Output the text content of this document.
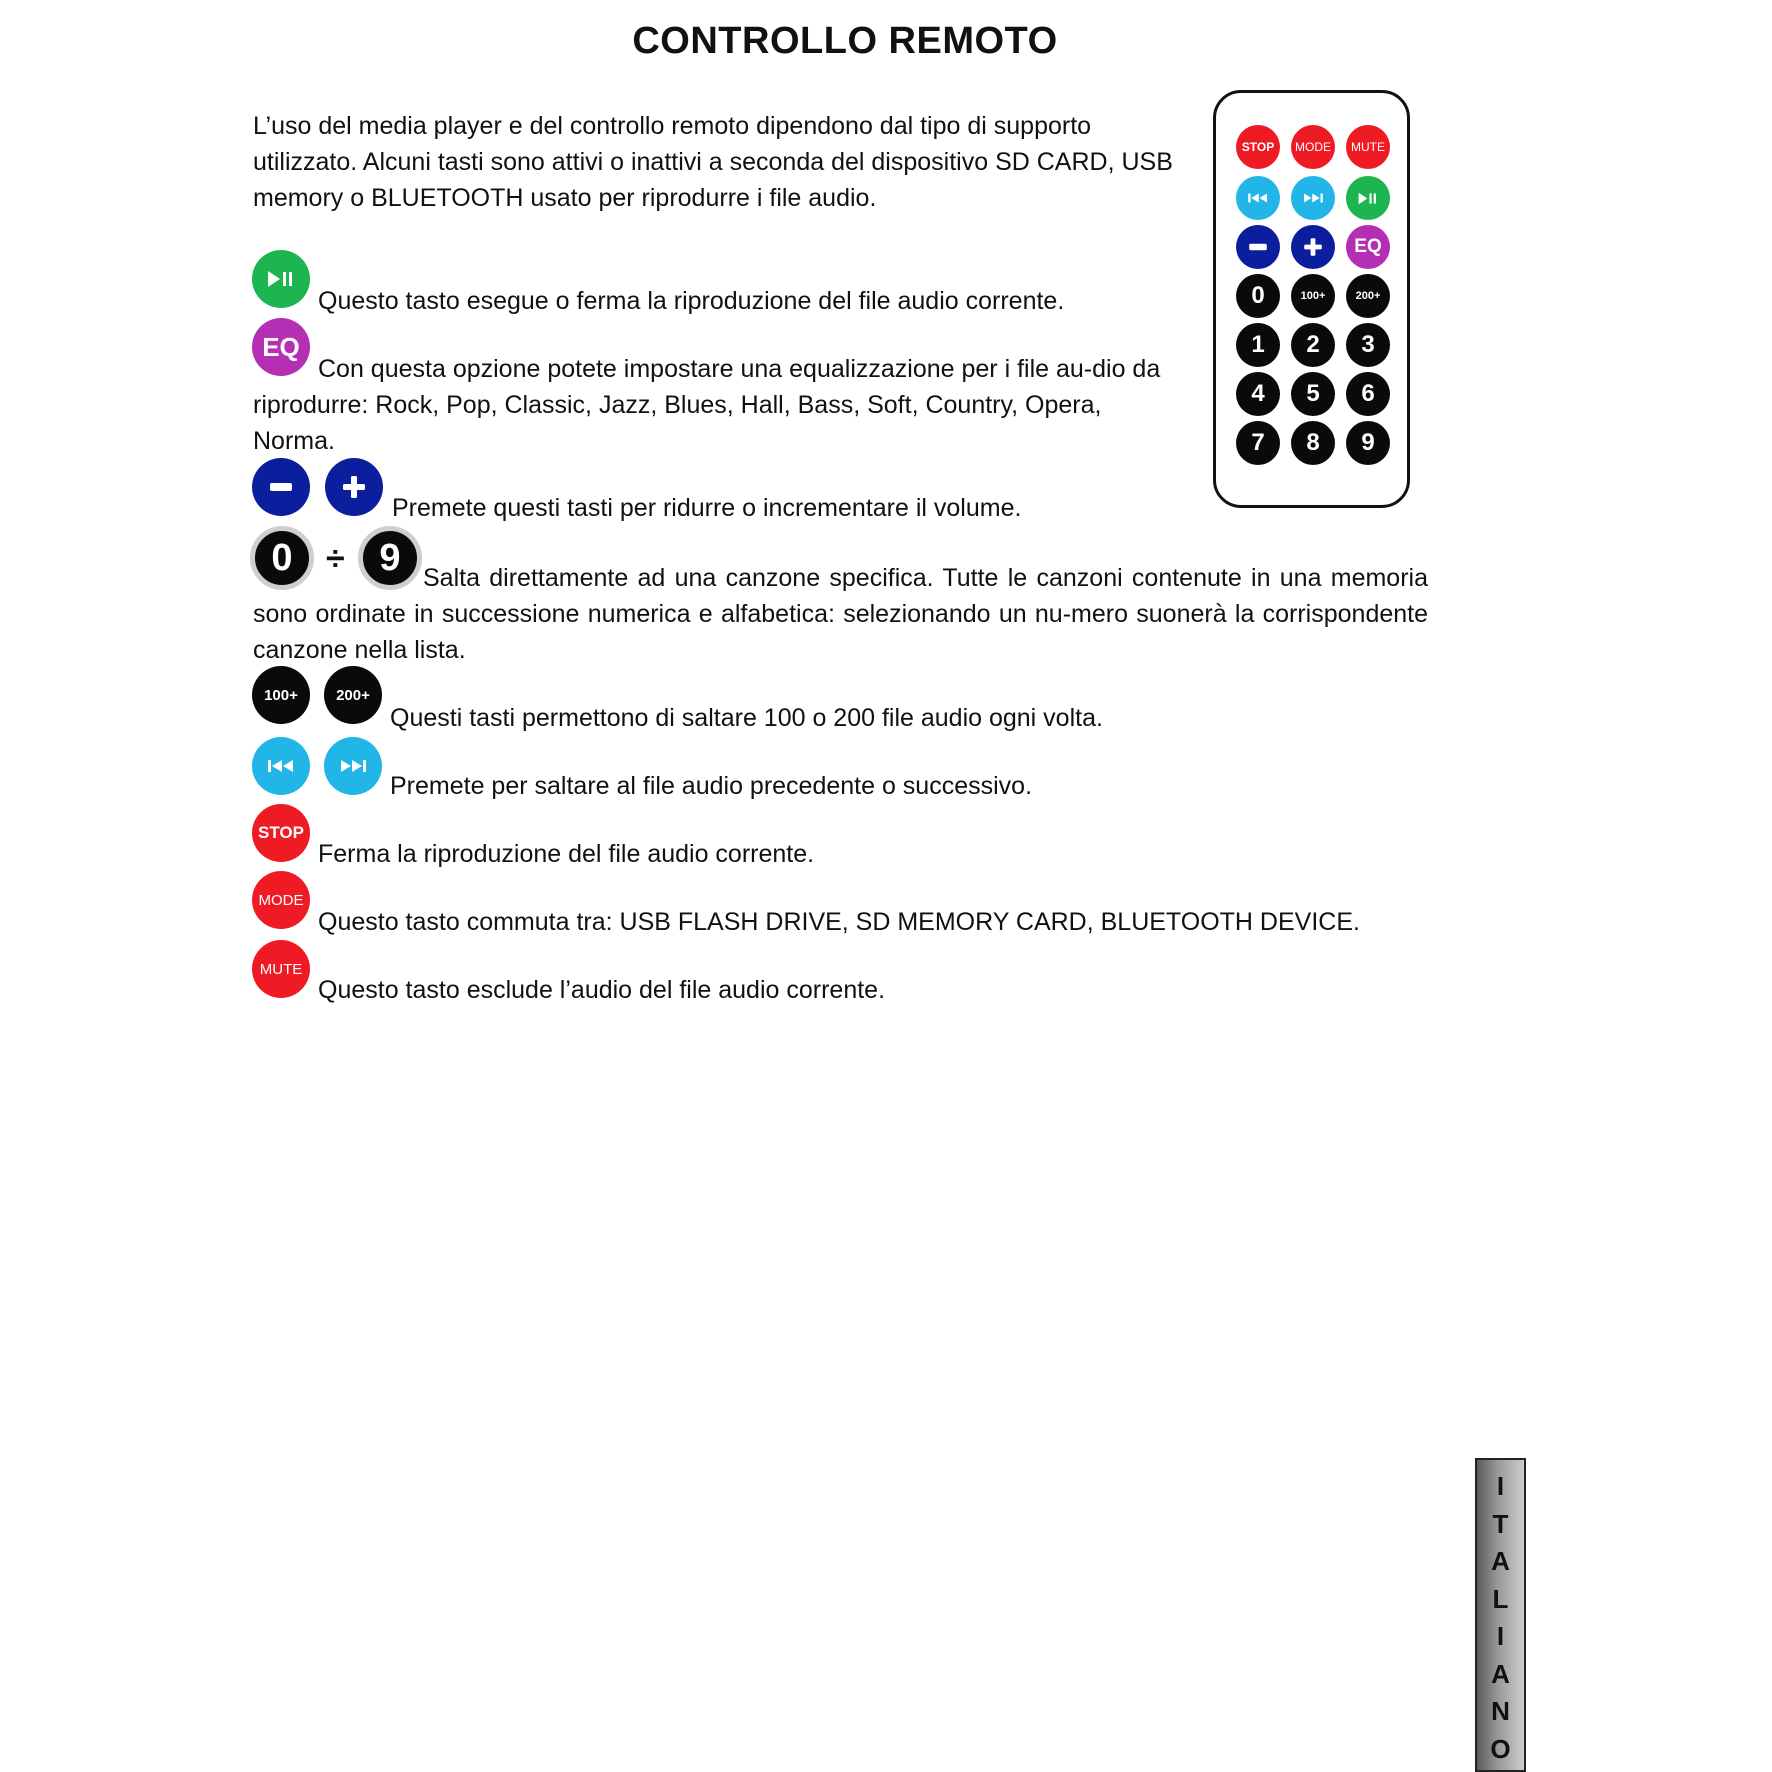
CONTROLLO REMOTO
L’uso del media player e del controllo remoto dipendono dal tipo di supporto utilizzato. Alcuni tasti sono attivi o inattivi a seconda del dispositivo SD CARD, USB memory o BLUETOOTH usato per riprodurre i file audio.
Questo tasto esegue o ferma la riproduzione del file audio corrente.
EQ
Con questa opzione potete impostare una equalizzazione per i file au-dio da riprodurre: Rock, Pop, Classic, Jazz, Blues, Hall, Bass, Soft, Country, Opera, Norma.
Premete questi tasti per ridurre o incrementare il volume.
0 ÷ 9 Salta direttamente ad una canzone specifica. Tutte le canzoni contenute in una memoria sono ordinate in successione numerica e alfabetica: selezionando un nu-mero suonerà la corrispondente canzone nella lista.
100+	200+
Questi tasti permettono di saltare 100 o 200 file audio ogni volta.
Premete per saltare al file audio precedente o successivo.
STOP
Ferma la riproduzione del file audio corrente.
MODE
Questo tasto commuta tra: USB FLASH DRIVE, SD MEMORY CARD, BLUETOOTH DEVICE.
MUTE
Questo tasto esclude l’audio del file audio corrente.
STOP	MODE	MUTE
EQ
0	100+	200+
1	2	3
4	5	6
7	8	9
I
T
A
L
I
A
N
O
